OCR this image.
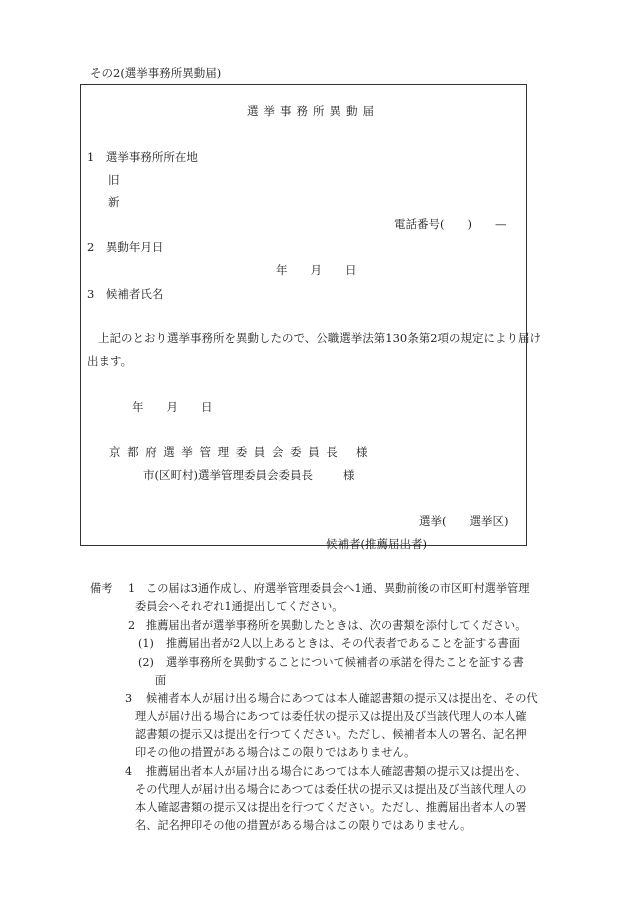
その2(選挙事務所異動届)
選挙事務所異動届
1　選挙事務所所在地
旧
新
電話番号(　　)　　—
2　異動年月日
年　　月　　日
3　候補者氏名
上記のとおり選挙事務所を異動したので、公職選挙法第130条第2項の規定により届け
出ます。
年　　月　　日
京都府選挙管理委員会委員長 様
市(区町村)選挙管理委員会委員長	様
選挙(　　選挙区)
候補者(推薦届出者)
備考 1 この届は3通作成し、府選挙管理委員会へ1通、異動前後の市区町村選挙管理
委員会へそれぞれ1通提出してください。
2 推薦届出者が選挙事務所を異動したときは、次の書類を添付してください。
(1) 推薦届出者が2人以上あるときは、その代表者であることを証する書面
(2) 選挙事務所を異動することについて候補者の承諾を得たことを証する書
面
3 候補者本人が届け出る場合にあつては本人確認書類の提示又は提出を、その代
理人が届け出る場合にあつては委任状の提示又は提出及び当該代理人の本人確
認書類の提示又は提出を行つてください。ただし、候補者本人の署名、記名押
印その他の措置がある場合はこの限りではありません。
4 推薦届出者本人が届け出る場合にあつては本人確認書類の提示又は提出を、
その代理人が届け出る場合にあつては委任状の提示又は提出及び当該代理人の
本人確認書類の提示又は提出を行つてください。ただし、推薦届出者本人の署
名、記名押印その他の措置がある場合はこの限りではありません。
